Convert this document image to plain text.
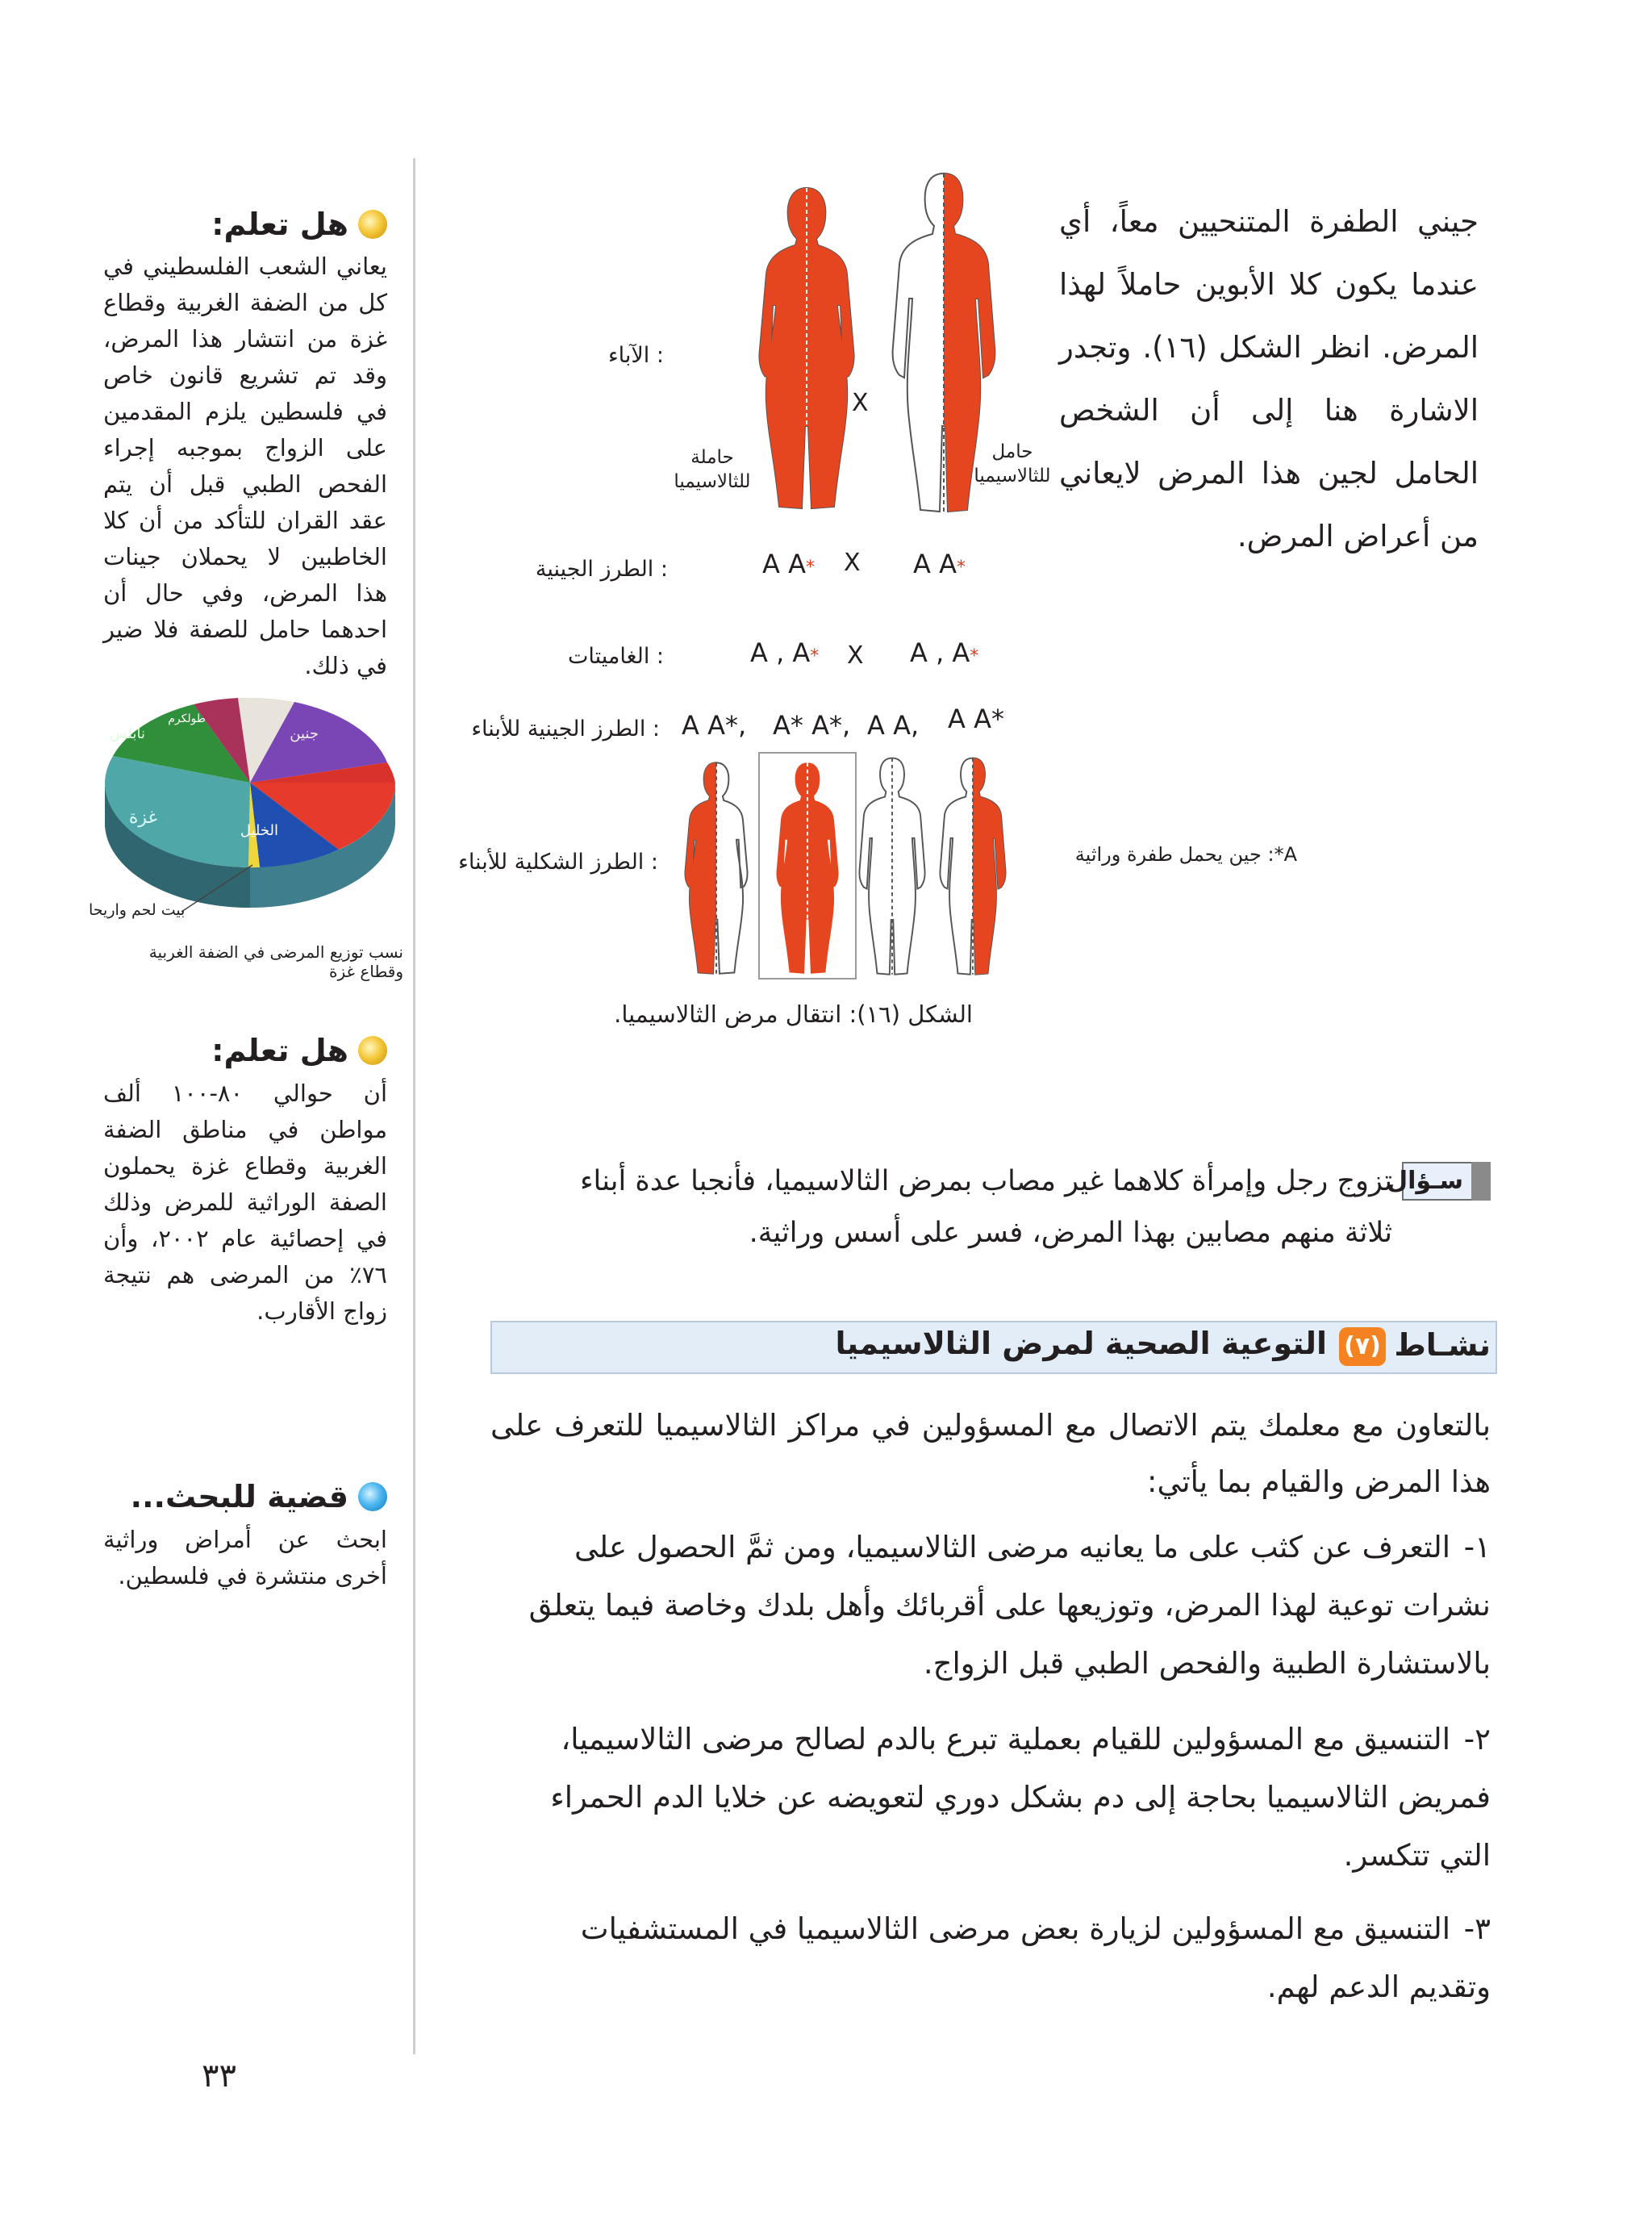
هل تعلم:
يعاني الشعب الفلسطيني في كل من الضفة الغربية وقطاع غزة من انتشار هذا المرض، وقد تم تشريع قانون خاص في فلسطين يلزم المقدمين على الزواج بموجبه إجراء الفحص الطبي قبل أن يتم عقد القران للتأكد من أن كلا الخاطبين لا يحملان جينات هذا المرض، وفي حال أن احدهما حامل للصفة فلا ضير في ذلك.
غزة
الخليل
نابلس	جنين
طولكرم
بيت لحم واريحا
نسب توزيع المرضى في الضفة الغربية وقطاع غزة
هل تعلم:
أن حوالي ٨٠-١٠٠ ألف مواطن في مناطق الضفة الغربية وقطاع غزة يحملون الصفة الوراثية للمرض وذلك في إحصائية عام ٢٠٠٢، وأن ٧٦٪ من المرضى هم نتيجة زواج الأقارب.
قضية للبحث...
ابحث عن أمراض وراثية أخرى منتشرة في فلسطين.
جيني الطفرة المتنحيين معاً، أي عندما يكون كلا الأبوين حاملاً لهذا المرض. انظر الشكل (١٦). وتجدر الاشارة هنا إلى أن الشخص الحامل لجين هذا المرض لايعاني من أعراض المرض.
: الآباء
X
حاملة للثالاسيميا
حامل للثالاسيميا
: الطرز الجينية	A A* X A A*
: الغاميتات	A , A* X A , A*
: الطرز الجينية للأبناء A A*, A* A*, A A, A A*
: الطرز الشكلية للأبناء	A*: جين يحمل طفرة وراثية
الشكل (١٦): انتقال مرض الثالاسيميا.
سـؤال
تزوج رجل وإمرأة كلاهما غير مصاب بمرض الثالاسيميا، فأنجبا عدة أبناء ثلاثة منهم مصابين بهذا المرض، فسر على أسس وراثية.
نشـاط
(٧)
التوعية الصحية لمرض الثالاسيميا
بالتعاون مع معلمك يتم الاتصال مع المسؤولين في مراكز الثالاسيميا للتعرف على هذا المرض والقيام بما يأتي:
١-التعرف عن كثب على ما يعانيه مرضى الثالاسيميا، ومن ثمَّ الحصول على نشرات توعية لهذا المرض، وتوزيعها على أقربائك وأهل بلدك وخاصة فيما يتعلق بالاستشارة الطبية والفحص الطبي قبل الزواج.
٢-التنسيق مع المسؤولين للقيام بعملية تبرع بالدم لصالح مرضى الثالاسيميا، فمريض الثالاسيميا بحاجة إلى دم بشكل دوري لتعويضه عن خلايا الدم الحمراء التي تتكسر.
٣-التنسيق مع المسؤولين لزيارة بعض مرضى الثالاسيميا في المستشفيات وتقديم الدعم لهم.
٣٣
